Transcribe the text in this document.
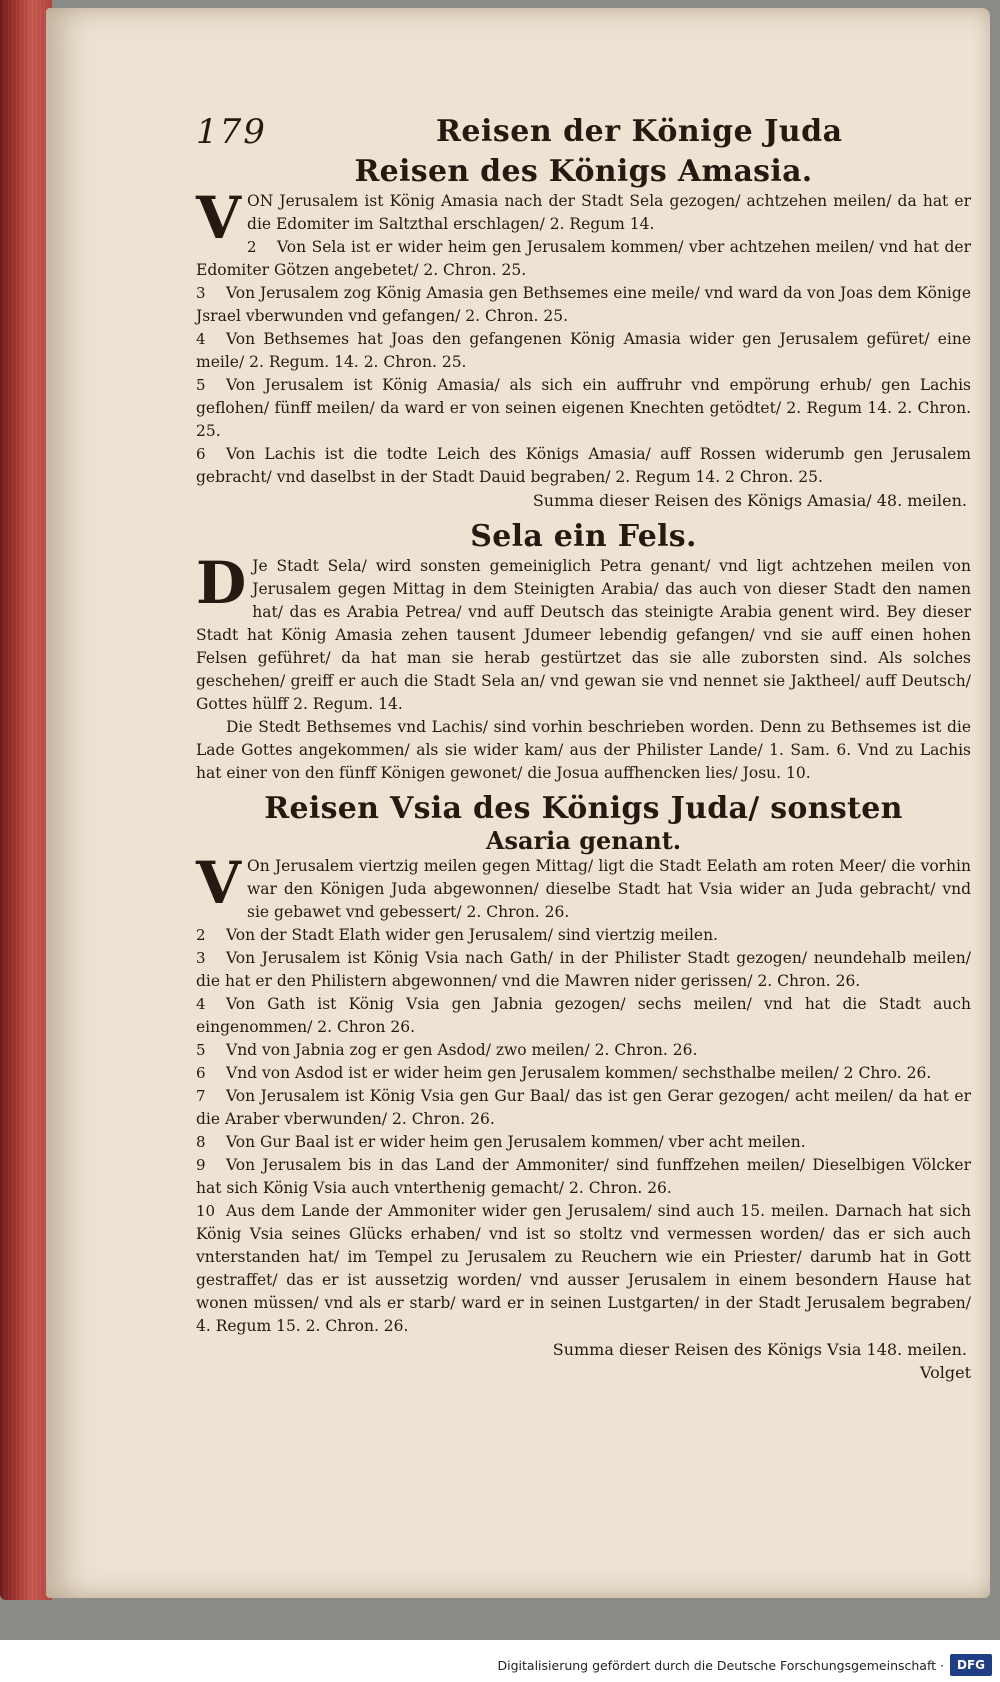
179	Reisen der Könige Juda
Reisen des Königs Amasia.

VON Jerusalem ist König Amasia nach der Stadt Sela gezogen/ achtzehen meilen/ da hat er die Edomiter im Saltzthal erschlagen/ 2. Regum 14.

2 Von Sela ist er wider heim gen Jerusalem kommen/ vber achtzehen meilen/ vnd hat der Edomiter Götzen angebetet/ 2. Chron. 25.

3 Von Jerusalem zog König Amasia gen Bethsemes eine meile/ vnd ward da von Joas dem Könige Jsrael vberwunden vnd gefangen/ 2. Chron. 25.

4 Von Bethsemes hat Joas den gefangenen König Amasia wider gen Jerusalem gefüret/ eine meile/ 2. Regum. 14. 2. Chron. 25.

5 Von Jerusalem ist König Amasia/ als sich ein auffruhr vnd empörung erhub/ gen Lachis geflohen/ fünff meilen/ da ward er von seinen eigenen Knechten getödtet/ 2. Regum 14. 2. Chron. 25.

6 Von Lachis ist die todte Leich des Königs Amasia/ auff Rossen widerumb gen Jerusalem gebracht/ vnd daselbst in der Stadt Dauid begraben/ 2. Regum 14. 2 Chron. 25.

Summa dieser Reisen des Königs Amasia/ 48. meilen.

Sela ein Fels.

D Je Stadt Sela/ wird sonsten gemeiniglich Petra genant/ vnd ligt achtzehen meilen von Jerusalem gegen Mittag in dem Steinigten Arabia/ das auch von dieser Stadt den namen hat/ das es Arabia Petrea/ vnd auff Deutsch das steinigte Arabia genent wird. Bey dieser Stadt hat König Amasia zehen tausent Jdumeer lebendig gefangen/ vnd sie auff einen hohen Felsen geführet/ da hat man sie herab gestürtzet das sie alle zuborsten sind. Als solches geschehen/ greiff er auch die Stadt Sela an/ vnd gewan sie vnd nennet sie Jaktheel/ auff Deutsch/ Gottes hülff 2. Regum. 14.

Die Stedt Bethsemes vnd Lachis/ sind vorhin beschrieben worden. Denn zu Bethsemes ist die Lade Gottes angekommen/ als sie wider kam/ aus der Philister Lande/ 1. Sam. 6. Vnd zu Lachis hat einer von den fünff Königen gewonet/ die Josua auffhencken lies/ Josu. 10.

Reisen Vsia des Königs Juda/ sonsten
Asaria genant.

V On Jerusalem viertzig meilen gegen Mittag/ ligt die Stadt Eelath am roten Meer/ die vorhin war den Königen Juda abgewonnen/ dieselbe Stadt hat Vsia wider an Juda gebracht/ vnd sie gebawet vnd gebessert/ 2. Chron. 26.

2 Von der Stadt Elath wider gen Jerusalem/ sind viertzig meilen.

3 Von Jerusalem ist König Vsia nach Gath/ in der Philister Stadt gezogen/ neundehalb meilen/ die hat er den Philistern abgewonnen/ vnd die Mawren nider gerissen/ 2. Chron. 26.

4 Von Gath ist König Vsia gen Jabnia gezogen/ sechs meilen/ vnd hat die Stadt auch eingenommen/ 2. Chron 26.

5 Vnd von Jabnia zog er gen Asdod/ zwo meilen/ 2. Chron. 26.

6 Vnd von Asdod ist er wider heim gen Jerusalem kommen/ sechsthalbe meilen/ 2 Chro. 26.

7 Von Jerusalem ist König Vsia gen Gur Baal/ das ist gen Gerar gezogen/ acht meilen/ da hat er die Araber vberwunden/ 2. Chron. 26.

8 Von Gur Baal ist er wider heim gen Jerusalem kommen/ vber acht meilen.

9 Von Jerusalem bis in das Land der Ammoniter/ sind funffzehen meilen/ Dieselbigen Völcker hat sich König Vsia auch vnterthenig gemacht/ 2. Chron. 26.

10 Aus dem Lande der Ammoniter wider gen Jerusalem/ sind auch 15. meilen. Darnach hat sich König Vsia seines Glücks erhaben/ vnd ist so stoltz vnd vermessen worden/ das er sich auch vnterstanden hat/ im Tempel zu Jerusalem zu Reuchern wie ein Priester/ darumb hat in Gott gestraffet/ das er ist aussetzig worden/ vnd ausser Jerusalem in einem besondern Hause hat wonen müssen/ vnd als er starb/ ward er in seinen Lustgarten/ in der Stadt Jerusalem begraben/ 4. Regum 15. 2. Chron. 26.

Summa dieser Reisen des Königs Vsia 148. meilen.

Volget

Digitalisierung gefördert durch die Deutsche Forschungsgemeinschaft ·	DFG
